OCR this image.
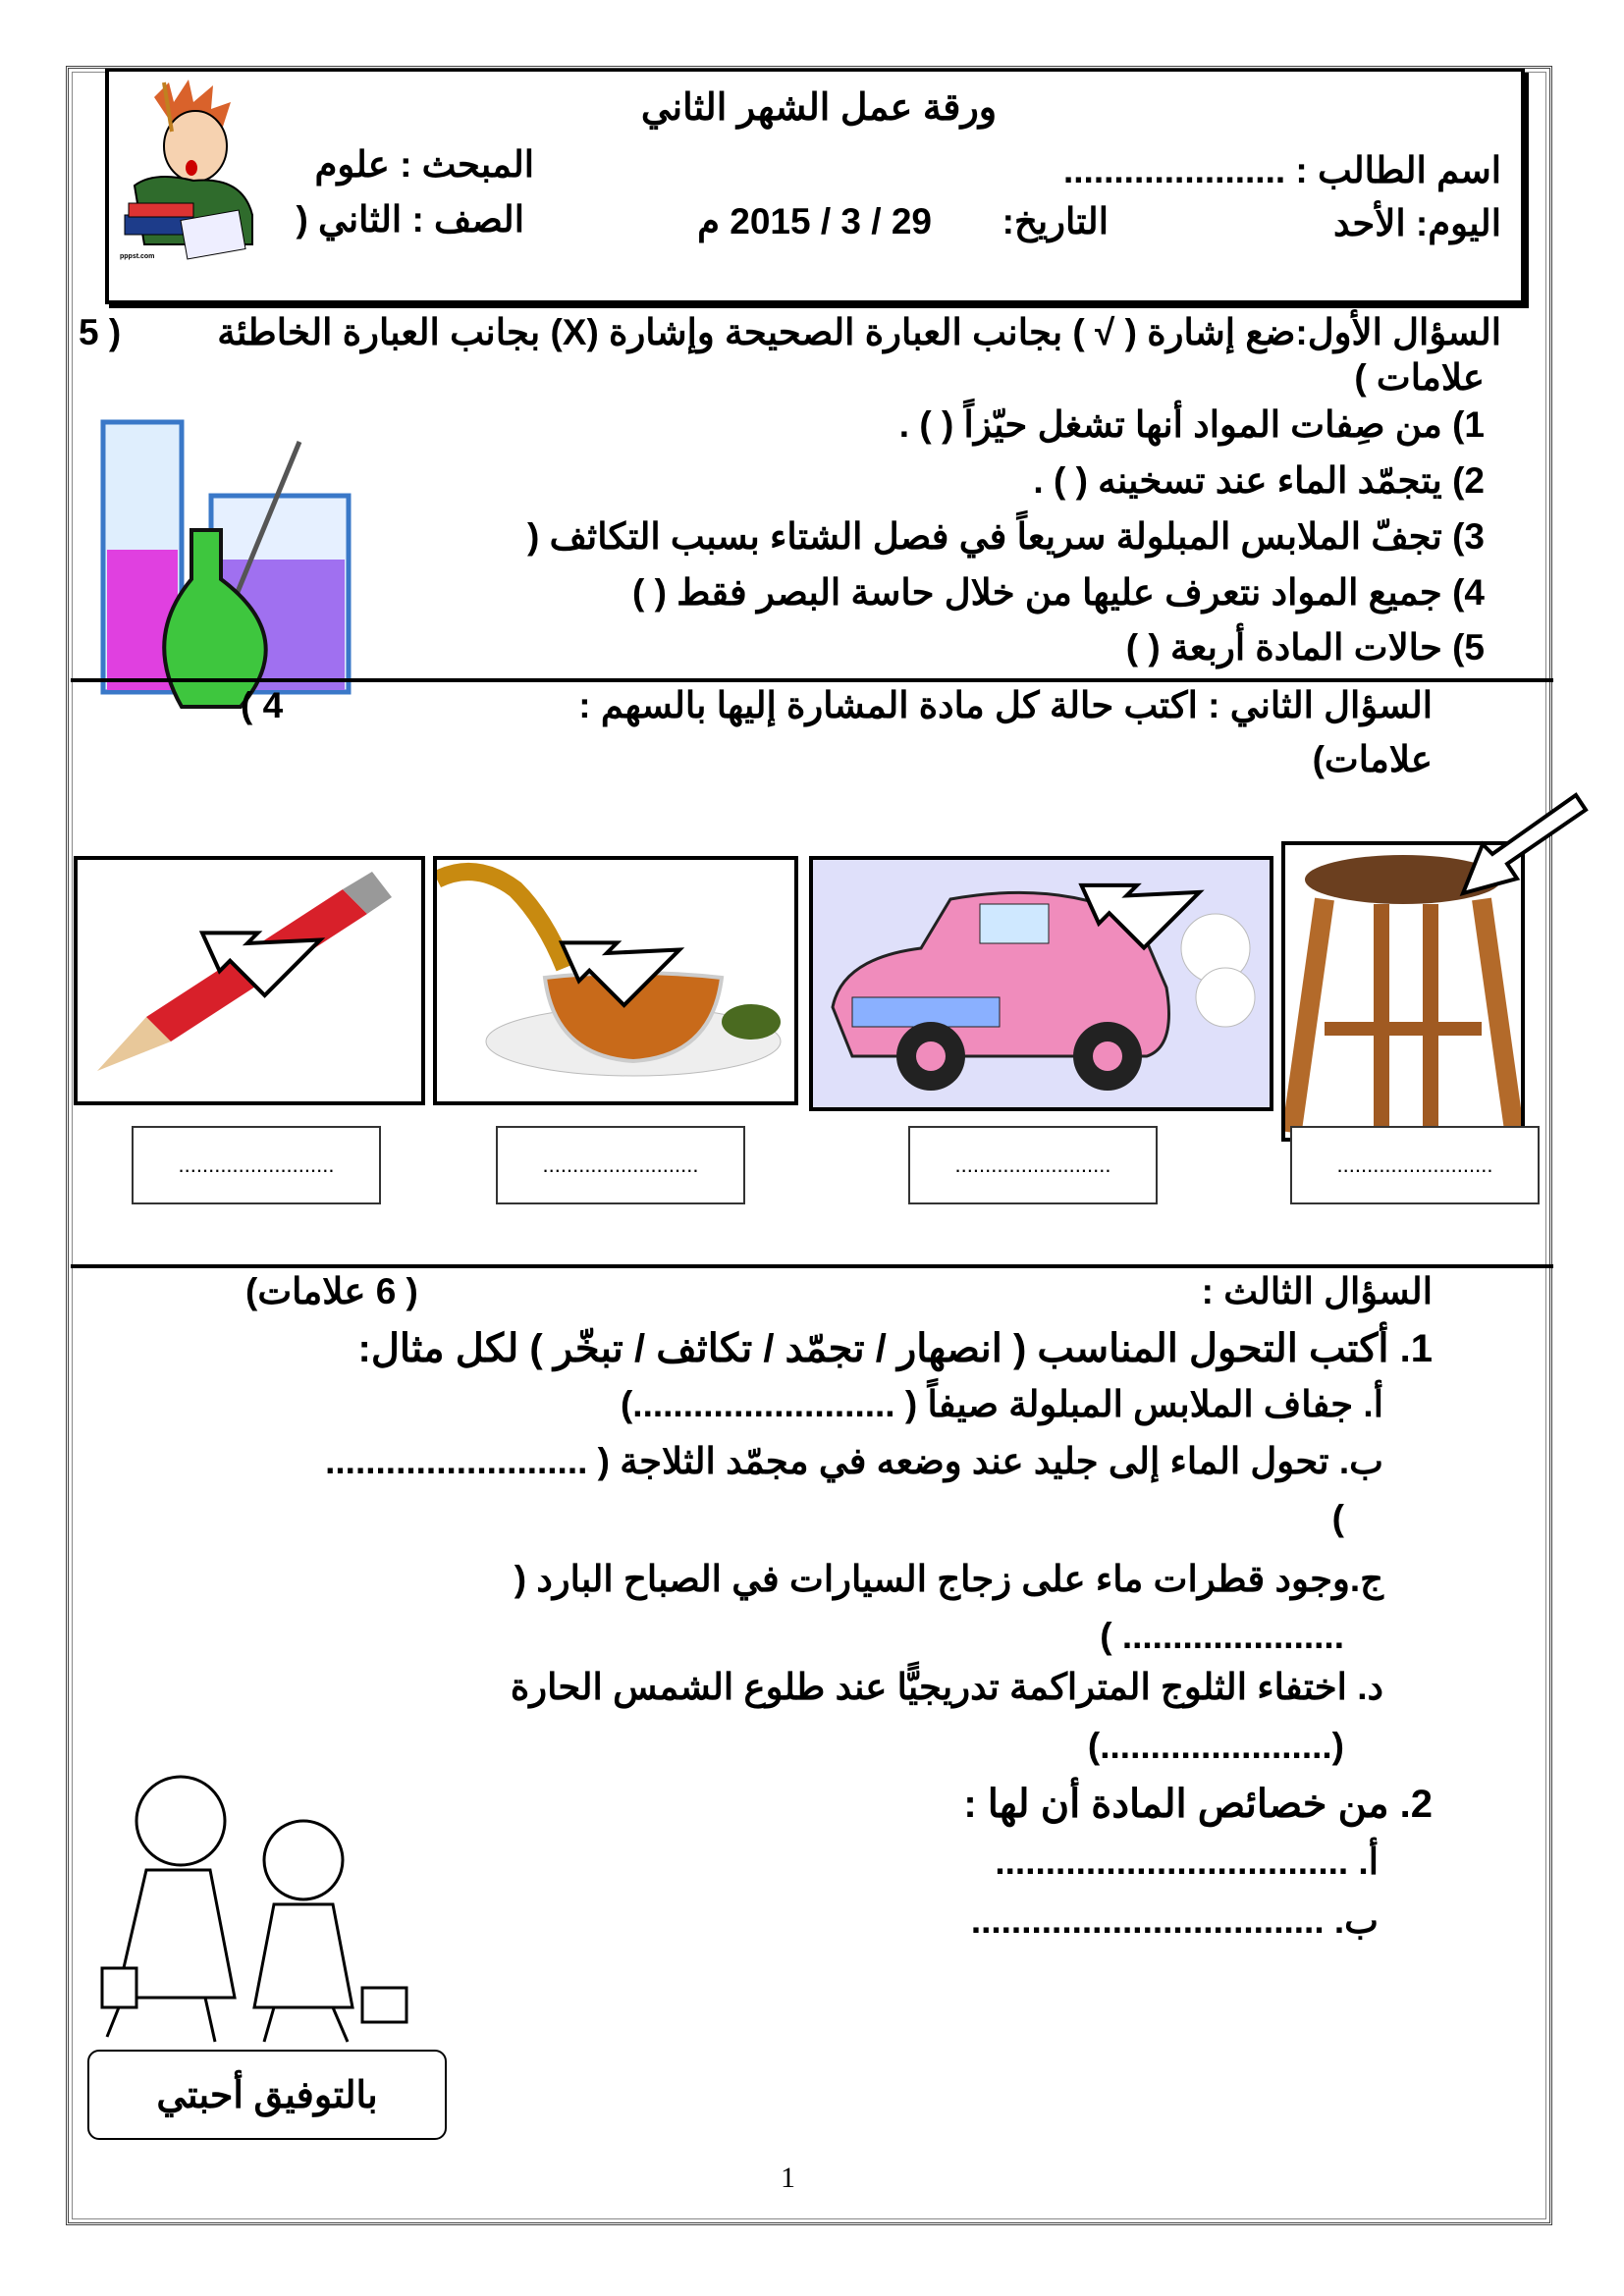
pppst.com
ورقة عمل الشهر الثاني
اسم الطالب : ......................
المبحث : علوم
اليوم: الأحد
التاريخ:
29 / 3 / 2015 م
الصف : الثاني (
السؤال الأول:ضع إشارة ( √ ) بجانب العبارة الصحيحة وإشارة (X) بجانب العبارة الخاطئة
( 5
علامات )
1) من صِفات المواد أنها تشغل حيّزاً ( ) .
2) يتجمّد الماء عند تسخينه ( ) .
3) تجفّ الملابس المبلولة سريعاً في فصل الشتاء بسبب التكاثف (
4) جميع المواد نتعرف عليها من خلال حاسة البصر فقط ( )
5) حالات المادة أربعة ( )
السؤال الثاني : اكتب حالة كل مادة المشارة إليها بالسهم :
4 )
علامات)
..........................	..........................	..........................	..........................
السؤال الثالث :
( 6 علامات)
1. أكتب التحول المناسب ( انصهار / تجمّد / تكاثف / تبخّر ) لكل مثال:
أ. جفاف الملابس المبلولة صيفاً ( ..........................)
ب. تحول الماء إلى جليد عند وضعه في مجمّد الثلاجة ( ..........................
)
ج.وجود قطرات ماء على زجاج السيارات في الصباح البارد (
...................... )
د. اختفاء الثلوج المتراكمة تدريجيًّا عند طلوع الشمس الحارة
(.......................)
2. من خصائص المادة أن لها :
أ. ...................................
ب. ...................................
بالتوفيق أحبتي
1
